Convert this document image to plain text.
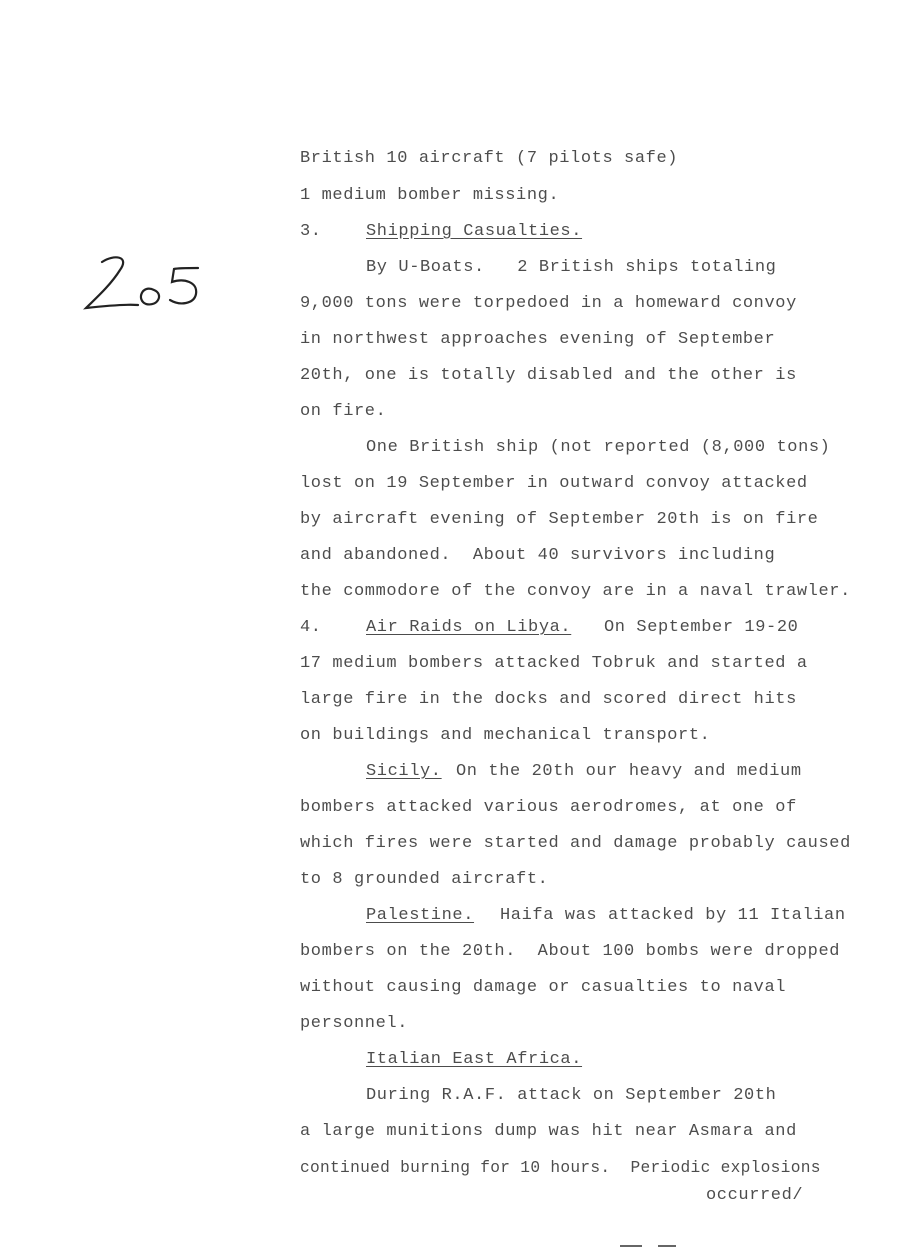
British 10 aircraft (7 pilots safe)
1 medium bomber missing.
3.	Shipping Casualties.
By U-Boats.   2 British ships totaling
9,000 tons were torpedoed in a homeward convoy
in northwest approaches evening of September
20th, one is totally disabled and the other is
on fire.
One British ship (not reported (8,000 tons)
lost on 19 September in outward convoy attacked
by aircraft evening of September 20th is on fire
and abandoned.  About 40 survivors including
the commodore of the convoy are in a naval trawler.
4.	Air Raids on Libya. On September 19-20
17 medium bombers attacked Tobruk and started a
large fire in the docks and scored direct hits
on buildings and mechanical transport.
Sicily. On the 20th our heavy and medium
bombers attacked various aerodromes, at one of
which fires were started and damage probably caused
to 8 grounded aircraft.
Palestine. Haifa was attacked by 11 Italian
bombers on the 20th.  About 100 bombs were dropped
without causing damage or casualties to naval
personnel.
Italian East Africa.
During R.A.F. attack on September 20th
a large munitions dump was hit near Asmara and
continued burning for 10 hours.  Periodic explosions
occurred/
